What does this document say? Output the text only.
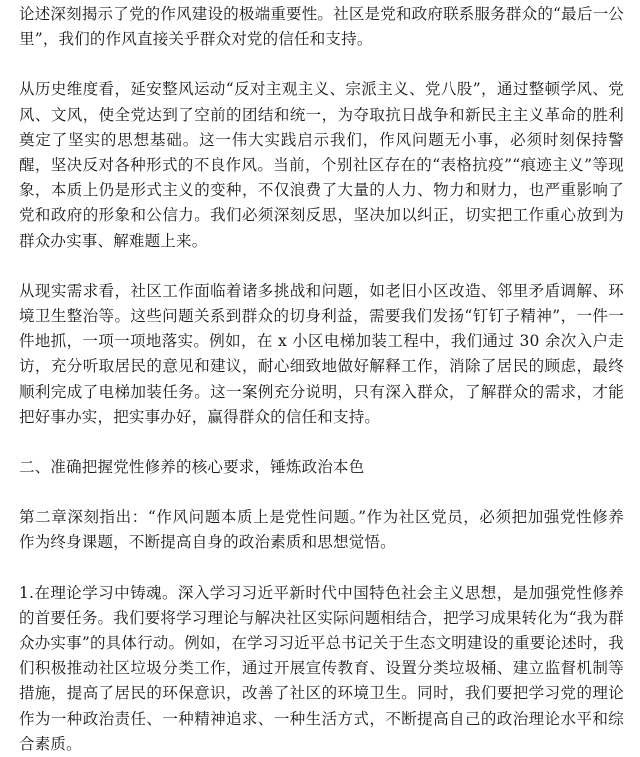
论述深刻揭示了党的作风建设的极端重要性。社区是党和政府联系服务群众的“最后一公里”，我们的作风直接关乎群众对党的信任和支持。

从历史维度看，延安整风运动“反对主观主义、宗派主义、党八股”，通过整顿学风、党风、文风，使全党达到了空前的团结和统一，为夺取抗日战争和新民主主义革命的胜利奠定了坚实的思想基础。这一伟大实践启示我们，作风问题无小事，必须时刻保持警醒，坚决反对各种形式的不良作风。当前，个别社区存在的“表格抗疫”“痕迹主义”等现象，本质上仍是形式主义的变种，不仅浪费了大量的人力、物力和财力，也严重影响了党和政府的形象和公信力。我们必须深刻反思，坚决加以纠正，切实把工作重心放到为群众办实事、解难题上来。

从现实需求看，社区工作面临着诸多挑战和问题，如老旧小区改造、邻里矛盾调解、环境卫生整治等。这些问题关系到群众的切身利益，需要我们发扬“钉钉子精神”，一件一件地抓，一项一项地落实。例如，在 x 小区电梯加装工程中，我们通过 30 余次入户走访，充分听取居民的意见和建议，耐心细致地做好解释工作，消除了居民的顾虑，最终顺利完成了电梯加装任务。这一案例充分说明，只有深入群众，了解群众的需求，才能把好事办实，把实事办好，赢得群众的信任和支持。

二、准确把握党性修养的核心要求，锤炼政治本色

第二章深刻指出：“作风问题本质上是党性问题。”作为社区党员，必须把加强党性修养作为终身课题，不断提高自身的政治素质和思想觉悟。

1.在理论学习中铸魂。深入学习习近平新时代中国特色社会主义思想，是加强党性修养的首要任务。我们要将学习理论与解决社区实际问题相结合，把学习成果转化为“我为群众办实事”的具体行动。例如，在学习习近平总书记关于生态文明建设的重要论述时，我们积极推动社区垃圾分类工作，通过开展宣传教育、设置分类垃圾桶、建立监督机制等措施，提高了居民的环保意识，改善了社区的环境卫生。同时，我们要把学习党的理论作为一种政治责任、一种精神追求、一种生活方式，不断提高自己的政治理论水平和综合素质。
